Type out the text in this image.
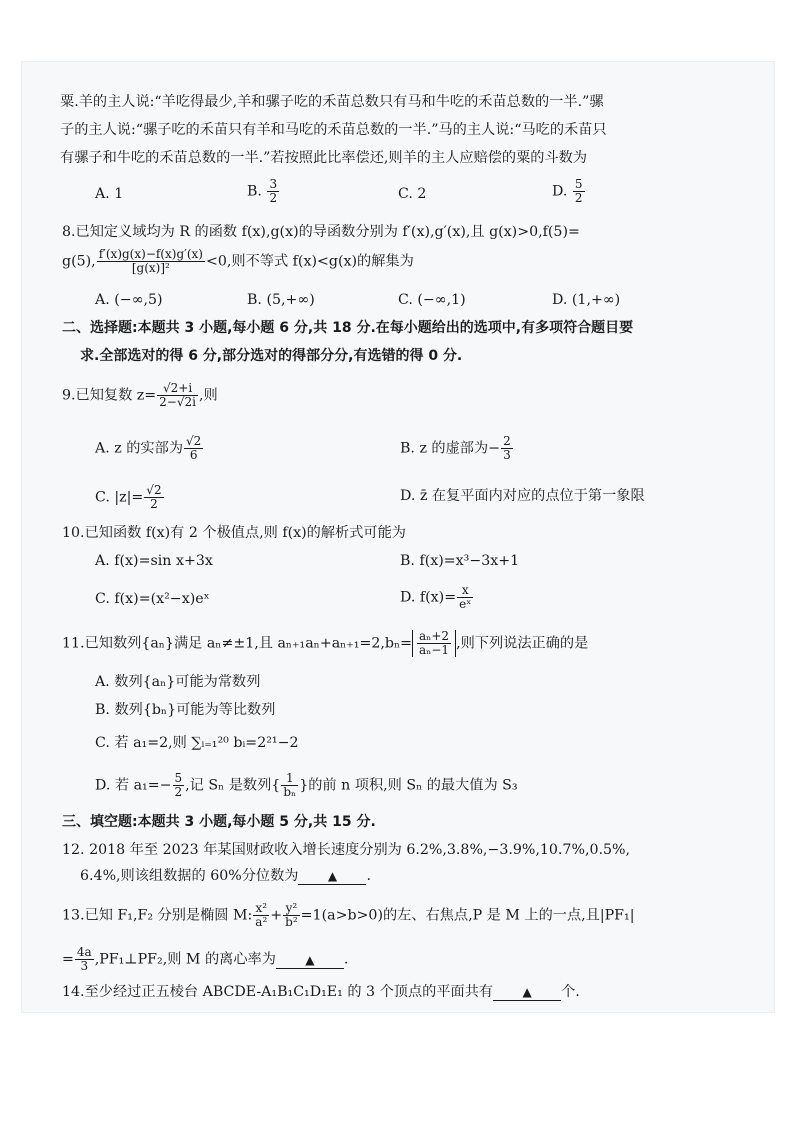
粟.羊的主人说:“羊吃得最少,羊和骡子吃的禾苗总数只有马和牛吃的禾苗总数的一半.”骡
子的主人说:“骡子吃的禾苗只有羊和马吃的禾苗总数的一半.”马的主人说:“马吃的禾苗只
有骡子和牛吃的禾苗总数的一半.”若按照此比率偿还,则羊的主人应赔偿的粟的斗数为
A. 1	B. $\frac{3}{2}$	C. 2	D. $\frac{5}{2}$
8.已知定义域均为 R 的函数 f(x),g(x)的导函数分别为 f′(x),g′(x),且 g(x)>0,f(5)=
g(5), $\frac{f'(x)g(x)-f(x)g'(x)}{\text{[g(x)]²}} <0$,则不等式 f(x)<g(x)的解集为
A. (−∞,5)	B. (5,+∞)	C. (−∞,1)	D. (1,+∞)
二、选择题:本题共 3 小题,每小题 6 分,共 18 分.在每小题给出的选项中,有多项符合题目要
求.全部选对的得 6 分,部分选对的得部分分,有选错的得 0 分.
9.已知复数 $z= \frac{√2+i}{2-√2i}$ ,则
A. z 的实部为 $\frac{√2}{6}$	B. z 的虚部为− $\frac{2}{3}$
C. $|z|= \frac{√2}{2}$	D. z̄ 在复平面内对应的点位于第一象限
10.已知函数 f(x)有 2 个极值点,则 f(x)的解析式可能为
A. f(x)=sin x+3x	B. f(x)=x³−3x+1
C. f(x)=(x²−x)eˣ	D. $f(x)= \frac{x}{\text{eˣ}}$
11.已知数列{aₙ}满足 aₙ≠±1,且 $a_{n+1}a_n+a_{n+1}=2,b_n= \frac{\text{aₙ+2}}{\text{aₙ−1}}$ ,则下列说法正确的是
A. 数列{aₙ}可能为常数列
B. 数列{bₙ}可能为等比数列
C. 若 a₁=2,则 ∑ᵢ₌₁²⁰ bᵢ=2²¹−2
D. 若 $a_1=- \frac{5}{2}$ ,记 Sₙ 是数列{ $\frac{1}{\text{bₙ}}$ }的前 n 项积,则 Sₙ 的最大值为 S₃
三、填空题:本题共 3 小题,每小题 5 分,共 15 分.
12. 2018 年至 2023 年某国财政收入增长速度分别为 6.2%,3.8%,−3.9%,10.7%,0.5%,
6.4%,则该组数据的 60%分位数为 ▲ .
13.已知 F₁,F₂ 分别是椭圆 M: $\frac{\text{x²}}{\text{a²}} + \frac{\text{y²}}{\text{b²}} =1(a>b>0)$的左、右焦点,P 是 M 上的一点,且|PF₁|
= $\frac{4a}{3}$ ,PF₁⊥PF₂,则 M 的离心率为 ▲ .
14.至少经过正五棱台 ABCDE-A₁B₁C₁D₁E₁ 的 3 个顶点的平面共有 ▲ 个.
